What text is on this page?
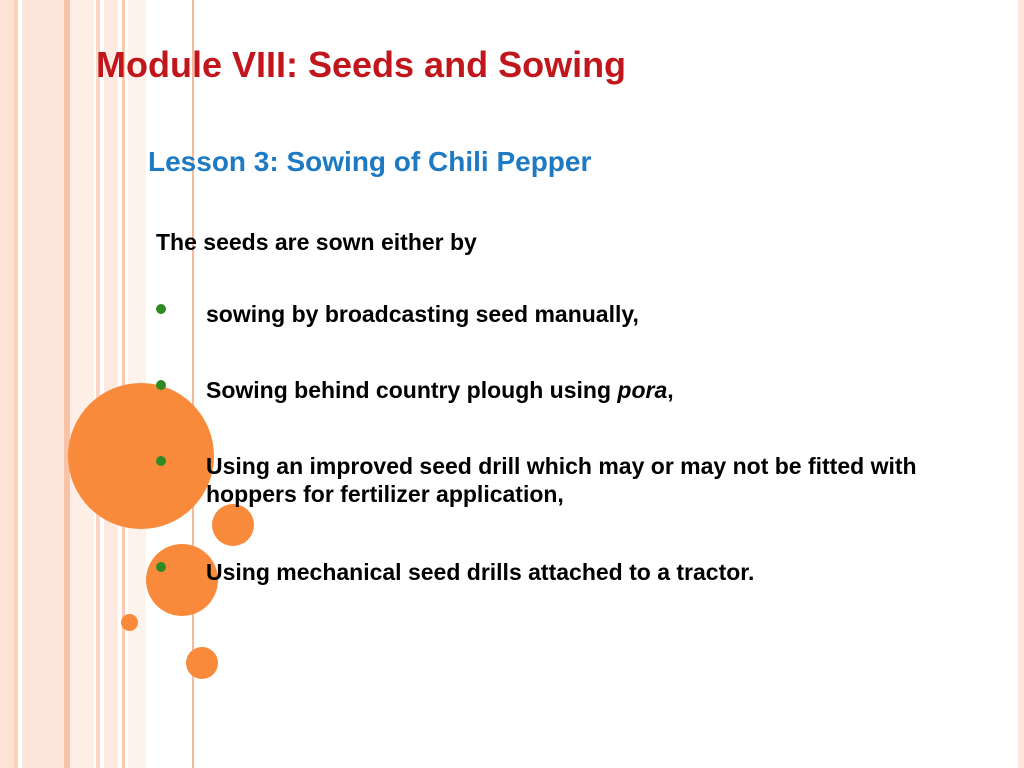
Module VIII: Seeds and Sowing
Lesson 3: Sowing of Chili Pepper
The seeds are sown either by
sowing by broadcasting seed manually,
Sowing behind country plough using pora,
Using an improved seed drill which may or may not be fitted with hoppers for fertilizer application,
Using mechanical seed drills attached to a tractor.
